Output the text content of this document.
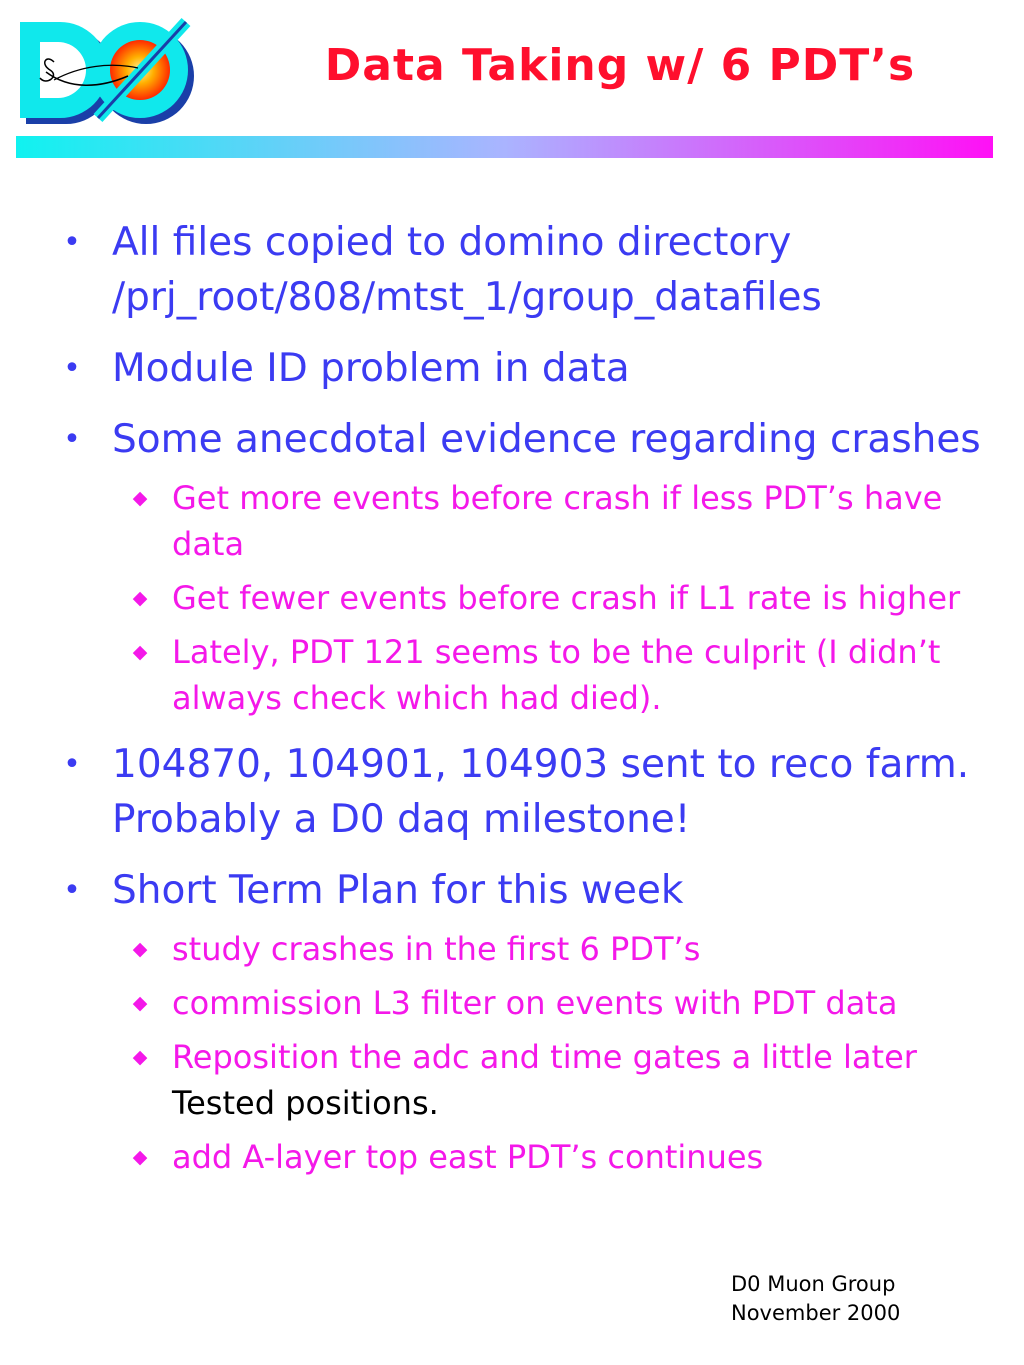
Data Taking w/ 6 PDT’s
• All files copied to domino directory /prj_root/808/mtst_1/group_datafiles
• Module ID problem in data
• Some anecdotal evidence regarding crashes
◆ Get more events before crash if less PDT’s have data
◆ Get fewer events before crash if L1 rate is higher
◆ Lately, PDT 121 seems to be the culprit (I didn’t always check which had died).
• 104870, 104901, 104903 sent to reco farm. Probably a D0 daq milestone!
• Short Term Plan for this week
◆ study crashes in the first 6 PDT’s
◆ commission L3 filter on events with PDT data
◆ Reposition the adc and time gates a little later Tested positions.
◆ add A-layer top east PDT’s continues
D0 Muon Group
November 2000
